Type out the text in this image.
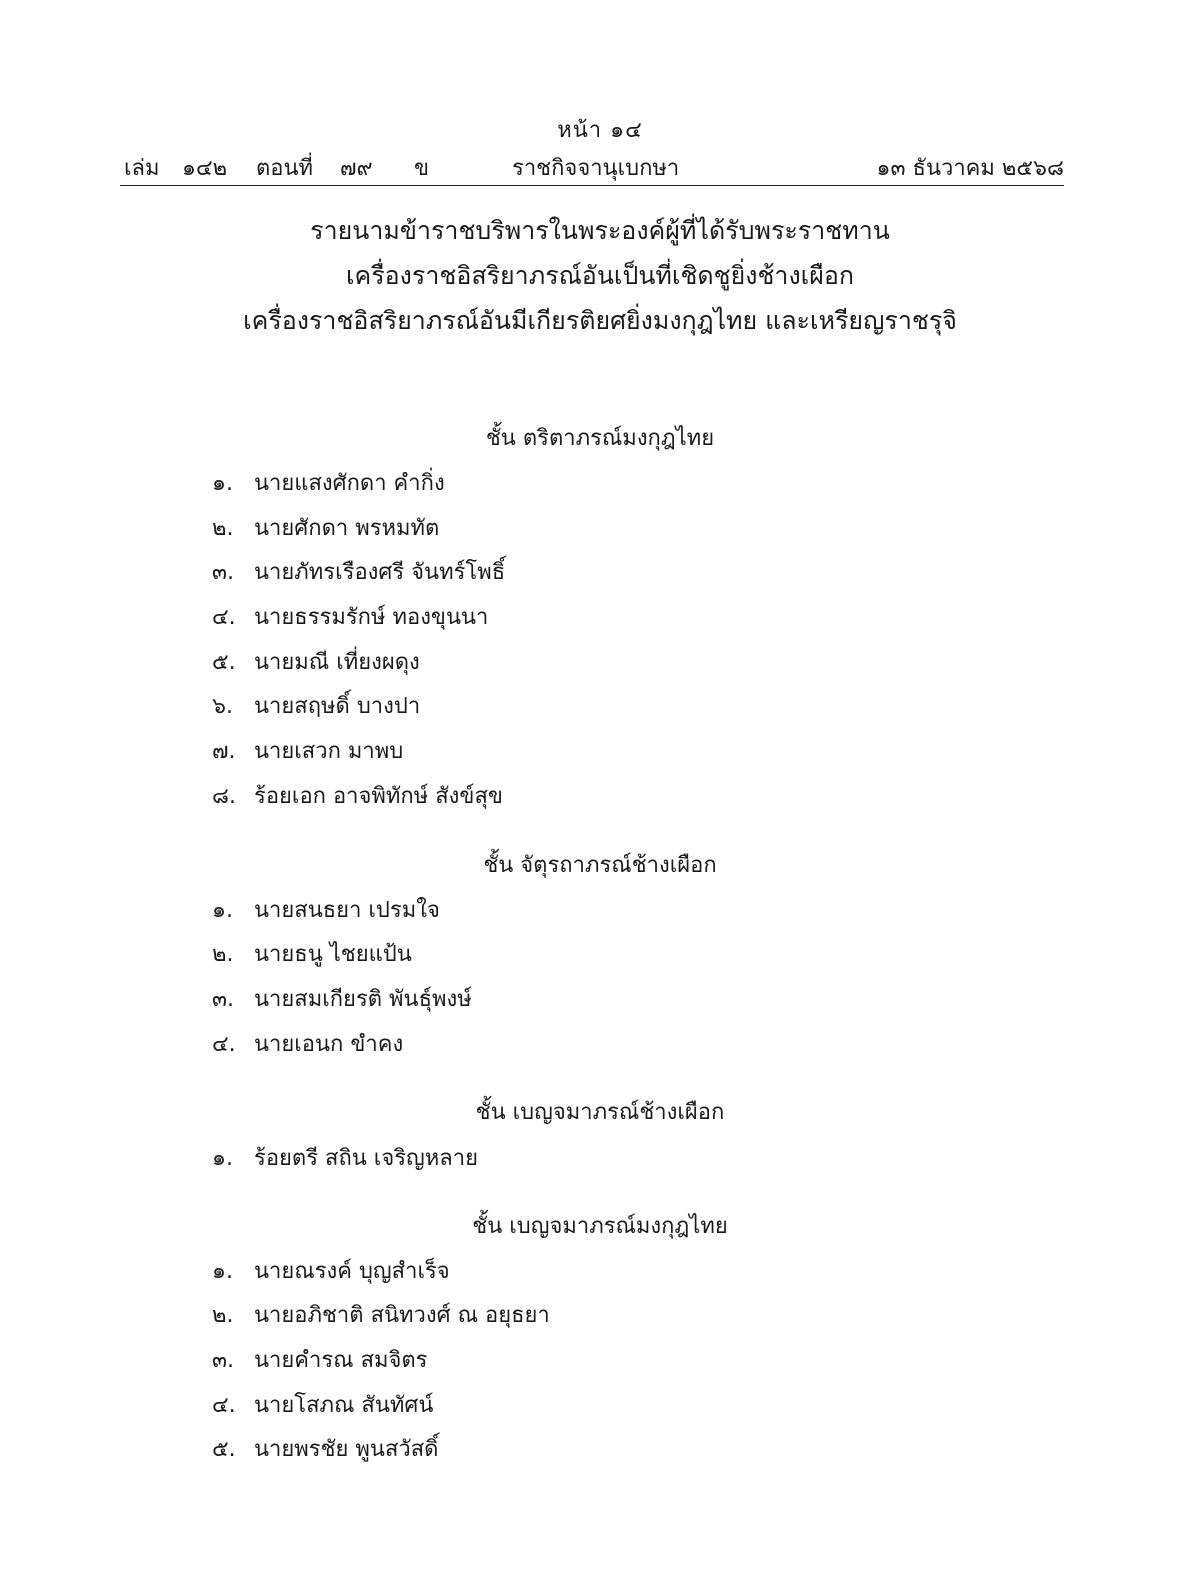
หน้า ๑๔
เล่ม ๑๔๒ ตอนที่ ๗๙ ข	ราชกิจจานุเบกษา	๑๓ ธันวาคม ๒๕๖๘
รายนามข้าราชบริพารในพระองค์ผู้ที่ได้รับพระราชทาน
เครื่องราชอิสริยาภรณ์อันเป็นที่เชิดชูยิ่งช้างเผือก
เครื่องราชอิสริยาภรณ์อันมีเกียรติยศยิ่งมงกุฎไทย และเหรียญราชรุจิ
ชั้น ตริตาภรณ์มงกุฎไทย
๑. นายแสงศักดา คำกิ่ง
๒. นายศักดา พรหมทัต
๓. นายภัทรเรืองศรี จันทร์โพธิ์
๔. นายธรรมรักษ์ ทองขุนนา
๕. นายมณี เที่ยงผดุง
๖. นายสฤษดิ์ บางปา
๗. นายเสวก มาพบ
๘. ร้อยเอก อาจพิทักษ์ สังข์สุข
ชั้น จัตุรถาภรณ์ช้างเผือก
๑. นายสนธยา เปรมใจ
๒. นายธนู ไชยแป้น
๓. นายสมเกียรติ พันธุ์พงษ์
๔. นายเอนก ขำคง
ชั้น เบญจมาภรณ์ช้างเผือก
๑. ร้อยตรี สถิน เจริญหลาย
ชั้น เบญจมาภรณ์มงกุฎไทย
๑. นายณรงค์ บุญสำเร็จ
๒. นายอภิชาติ สนิทวงศ์ ณ อยุธยา
๓. นายคำรณ สมจิตร
๔. นายโสภณ สันทัศน์
๕. นายพรชัย พูนสวัสดิ์
